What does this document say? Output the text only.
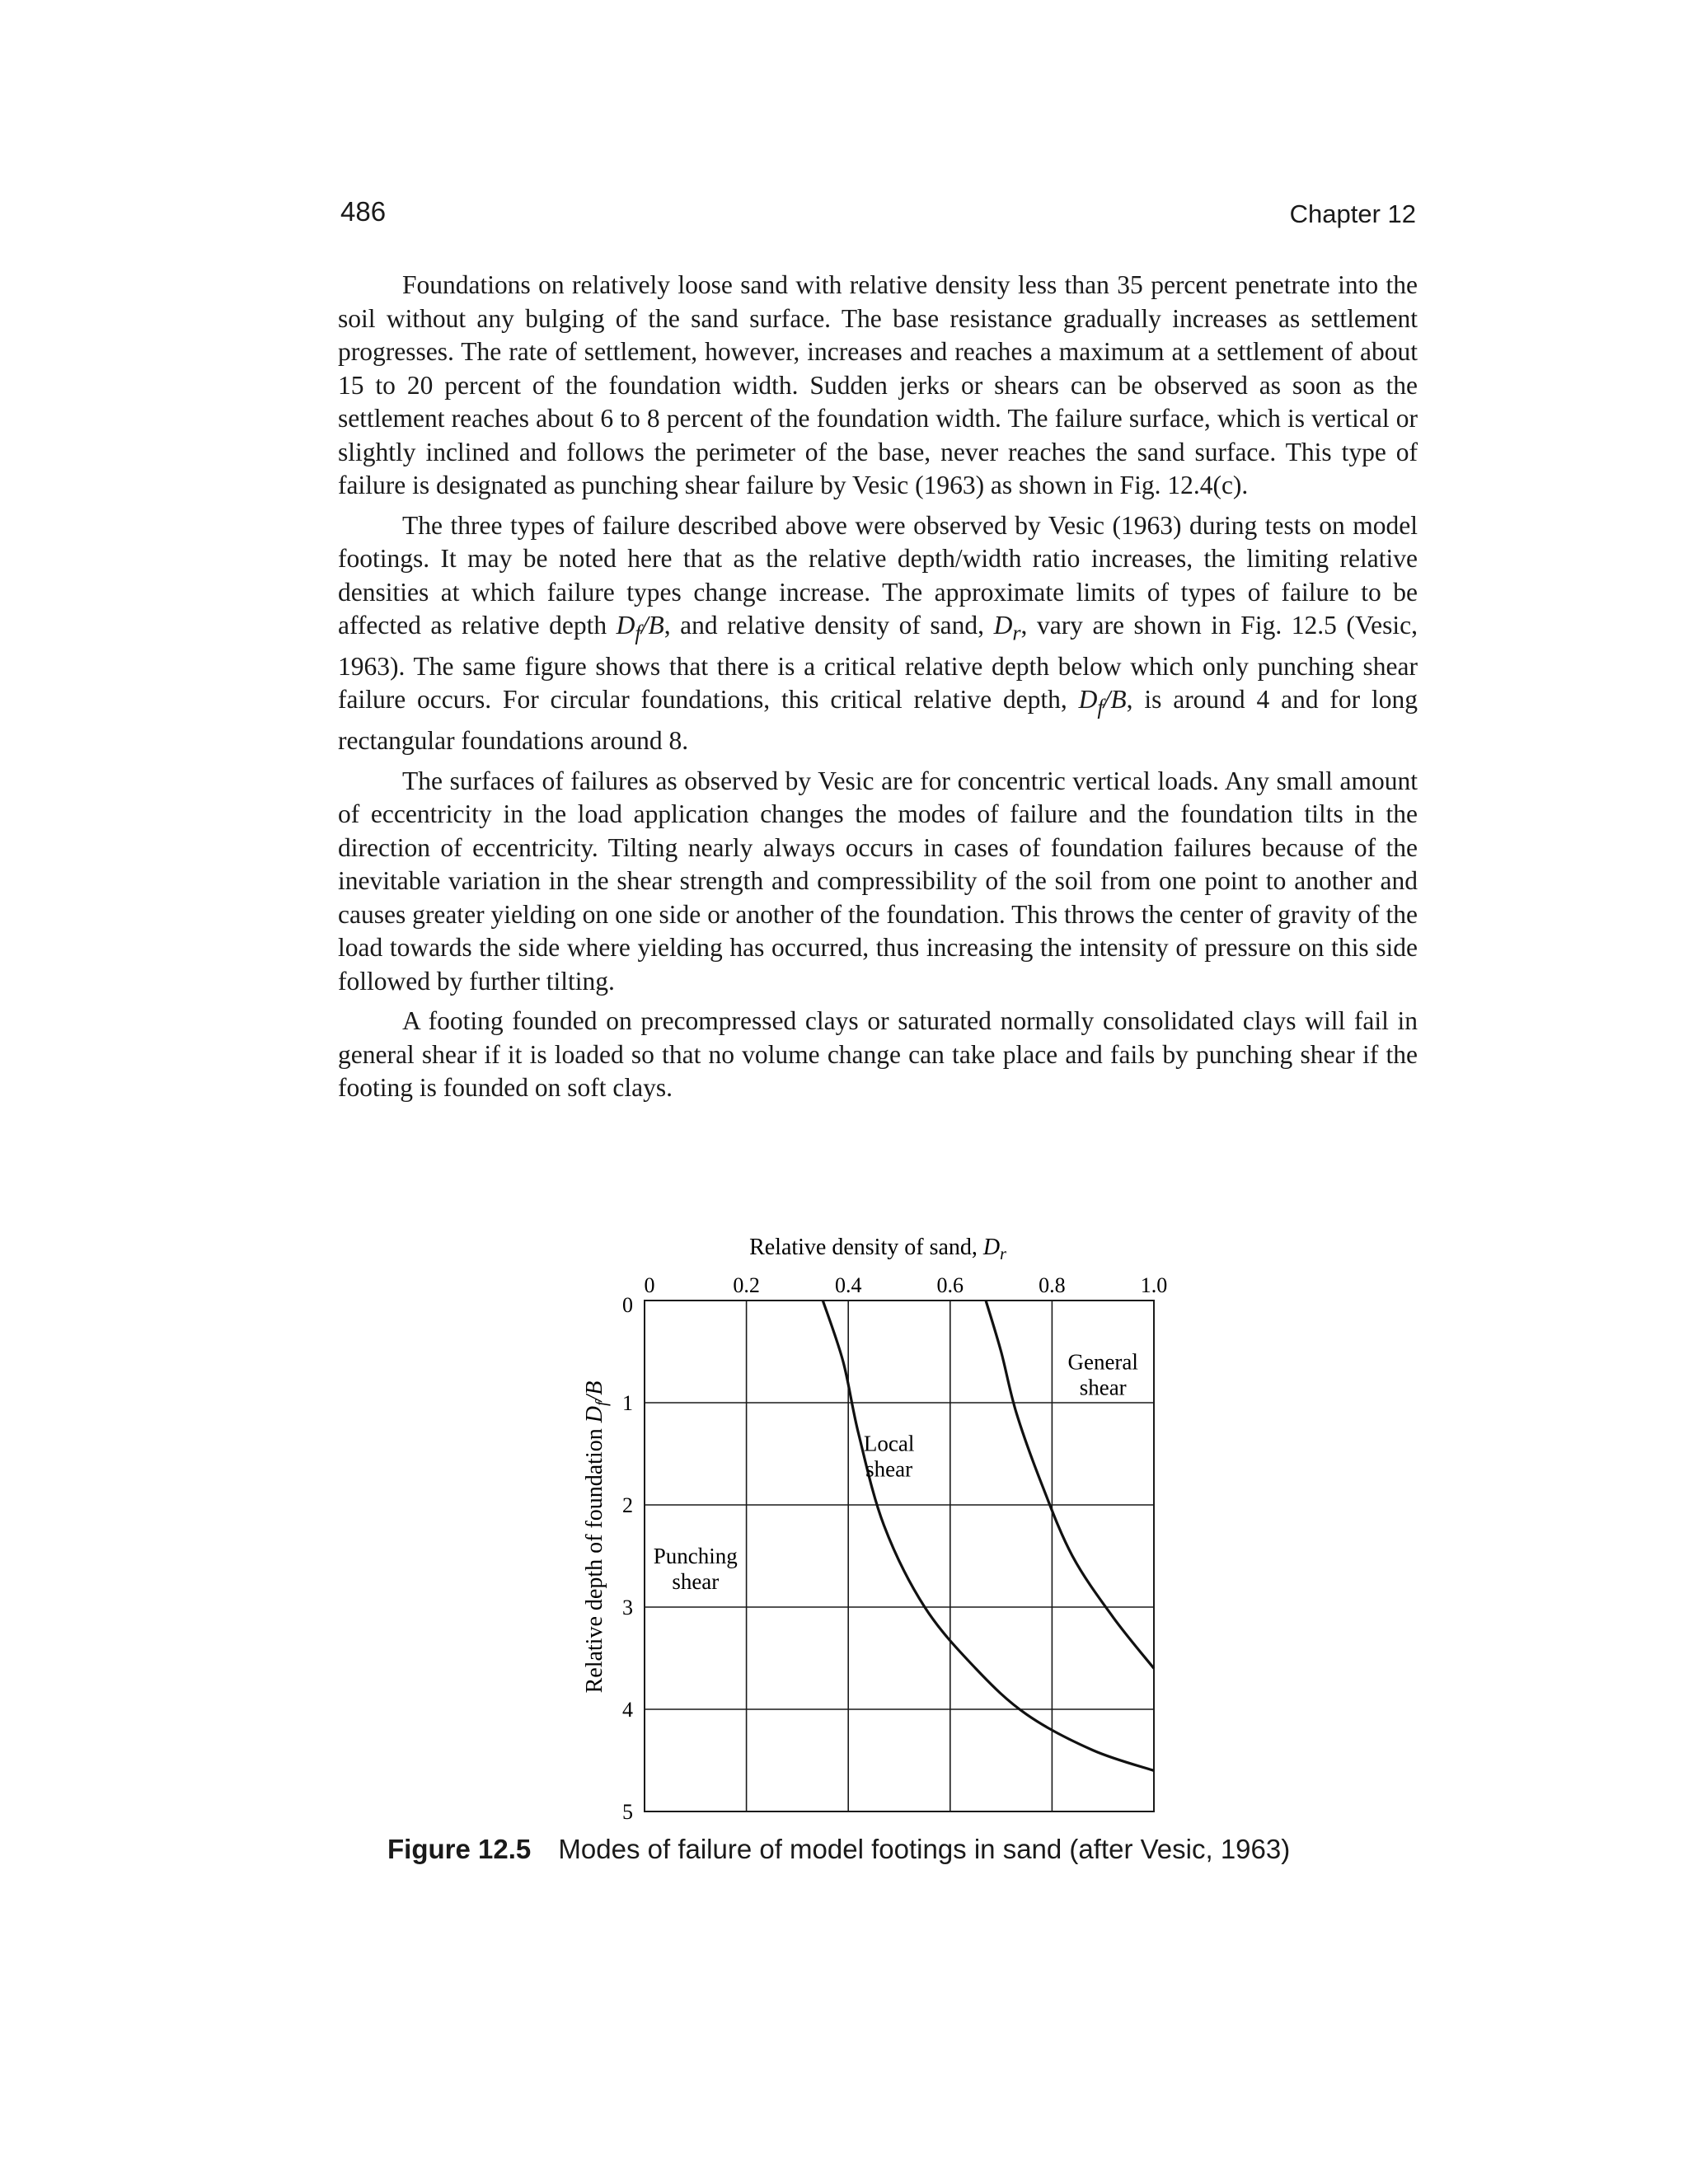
486	Chapter 12

Foundations on relatively loose sand with relative density less than 35 percent penetrate into the soil without any bulging of the sand surface. The base resistance gradually increases as settlement progresses. The rate of settlement, however, increases and reaches a maximum at a settlement of about 15 to 20 percent of the foundation width. Sudden jerks or shears can be observed as soon as the settlement reaches about 6 to 8 percent of the foundation width. The failure surface, which is vertical or slightly inclined and follows the perimeter of the base, never reaches the sand surface. This type of failure is designated as punching shear failure by Vesic (1963) as shown in Fig. 12.4(c).

The three types of failure described above were observed by Vesic (1963) during tests on model footings. It may be noted here that as the relative depth/width ratio increases, the limiting relative densities at which failure types change increase. The approximate limits of types of failure to be affected as relative depth $D_f/B$, and relative density of sand, $D_r$, vary are shown in Fig. 12.5 (Vesic, 1963). The same figure shows that there is a critical relative depth below which only punching shear failure occurs. For circular foundations, this critical relative depth, $D_f/B$, is around 4 and for long rectangular foundations around 8.

The surfaces of failures as observed by Vesic are for concentric vertical loads. Any small amount of eccentricity in the load application changes the modes of failure and the foundation tilts in the direction of eccentricity. Tilting nearly always occurs in cases of foundation failures because of the inevitable variation in the shear strength and compressibility of the soil from one point to another and causes greater yielding on one side or another of the foundation. This throws the center of gravity of the load towards the side where yielding has occurred, thus increasing the intensity of pressure on this side followed by further tilting.

A footing founded on precompressed clays or saturated normally consolidated clays will fail in general shear if it is loaded so that no volume change can take place and fails by punching shear if the footing is founded on soft clays.

Relative density of sand, $D_r$
Relative depth of foundation $D_f/B$
0	0.2	0.4	0.6	0.8	1.0
0
1
2
3
4
5
General
shear
Local
shear
Punching
shear
Figure 12.5 Modes of failure of model footings in sand (after Vesic, 1963)
